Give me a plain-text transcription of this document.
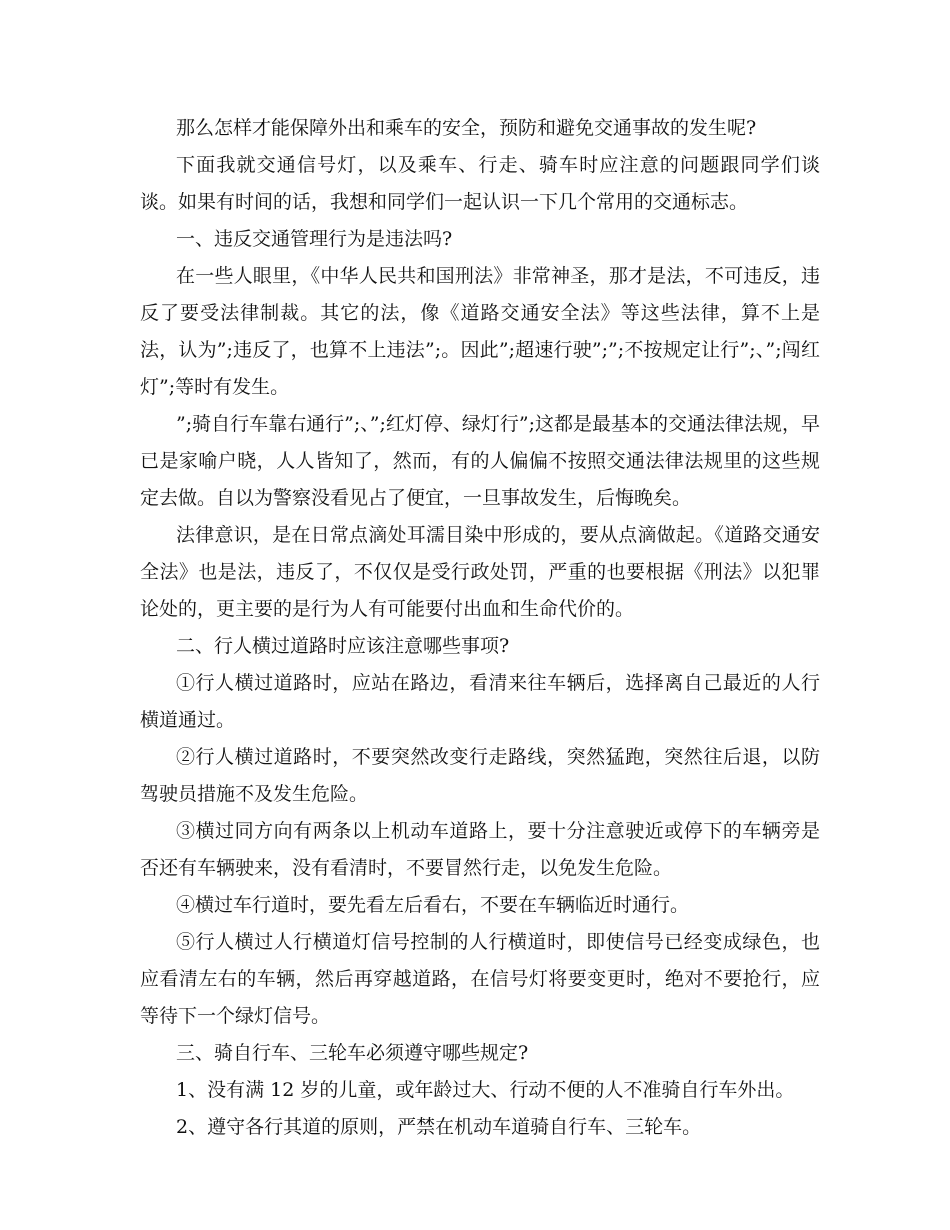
那么怎样才能保障外出和乘车的安全，预防和避免交通事故的发生呢?

下面我就交通信号灯，以及乘车、行走、骑车时应注意的问题跟同学们谈谈。如果有时间的话，我想和同学们一起认识一下几个常用的交通标志。

一、违反交通管理行为是违法吗?

在一些人眼里，《中华人民共和国刑法》非常神圣，那才是法，不可违反，违反了要受法律制裁。其它的法，像《道路交通安全法》等这些法律，算不上是法，认为”;违反了，也算不上违法”;。因此”;超速行驶”;”;不按规定让行”;、”;闯红灯”;等时有发生。

”;骑自行车靠右通行”;、”;红灯停、绿灯行”;这都是最基本的交通法律法规，早已是家喻户晓，人人皆知了，然而，有的人偏偏不按照交通法律法规里的这些规定去做。自以为警察没看见占了便宜，一旦事故发生，后悔晚矣。

法律意识，是在日常点滴处耳濡目染中形成的，要从点滴做起。《道路交通安全法》也是法，违反了，不仅仅是受行政处罚，严重的也要根据《刑法》以犯罪论处的，更主要的是行为人有可能要付出血和生命代价的。

二、行人横过道路时应该注意哪些事项?

①行人横过道路时，应站在路边，看清来往车辆后，选择离自己最近的人行横道通过。

②行人横过道路时，不要突然改变行走路线，突然猛跑，突然往后退，以防驾驶员措施不及发生危险。

③横过同方向有两条以上机动车道路上，要十分注意驶近或停下的车辆旁是否还有车辆驶来，没有看清时，不要冒然行走，以免发生危险。

④横过车行道时，要先看左后看右，不要在车辆临近时通行。

⑤行人横过人行横道灯信号控制的人行横道时，即使信号已经变成绿色，也应看清左右的车辆，然后再穿越道路，在信号灯将要变更时，绝对不要抢行，应等待下一个绿灯信号。

三、骑自行车、三轮车必须遵守哪些规定?

1、没有满 12 岁的儿童，或年龄过大、行动不便的人不准骑自行车外出。

2、遵守各行其道的原则，严禁在机动车道骑自行车、三轮车。
